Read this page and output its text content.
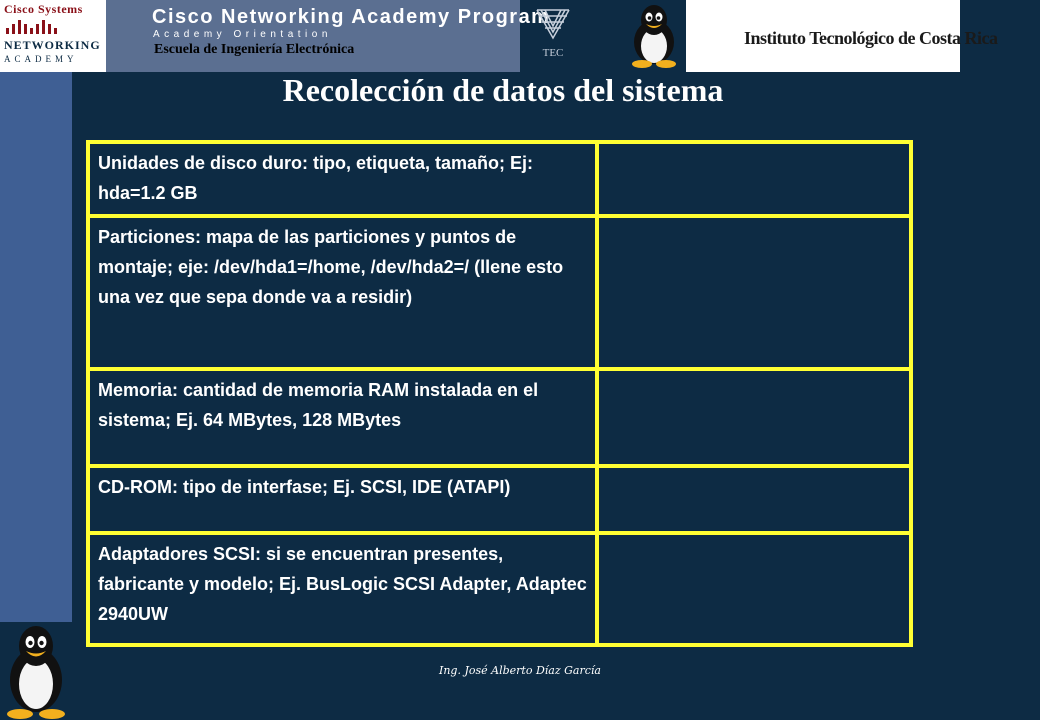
Cisco Systems
NETWORKING
ACADEMY
Cisco Networking Academy Program
Academy Orientation
Escuela de Ingeniería Electrónica	TEC
Instituto Tecnológico de Costa Rica
Recolección de datos del sistema
Unidades de disco duro: tipo, etiqueta, tamaño; Ej: hda=1.2 GB	
Particiones: mapa de las particiones y puntos de montaje; eje: /dev/hda1=/home, /dev/hda2=/ (llene esto una vez que sepa donde va a residir)	
Memoria: cantidad de memoria RAM instalada en el sistema; Ej. 64 MBytes, 128 MBytes	
CD-ROM: tipo de interfase; Ej. SCSI, IDE (ATAPI)	
Adaptadores SCSI: si se encuentran presentes, fabricante y modelo; Ej. BusLogic SCSI Adapter, Adaptec 2940UW	
Ing. José Alberto Díaz García
